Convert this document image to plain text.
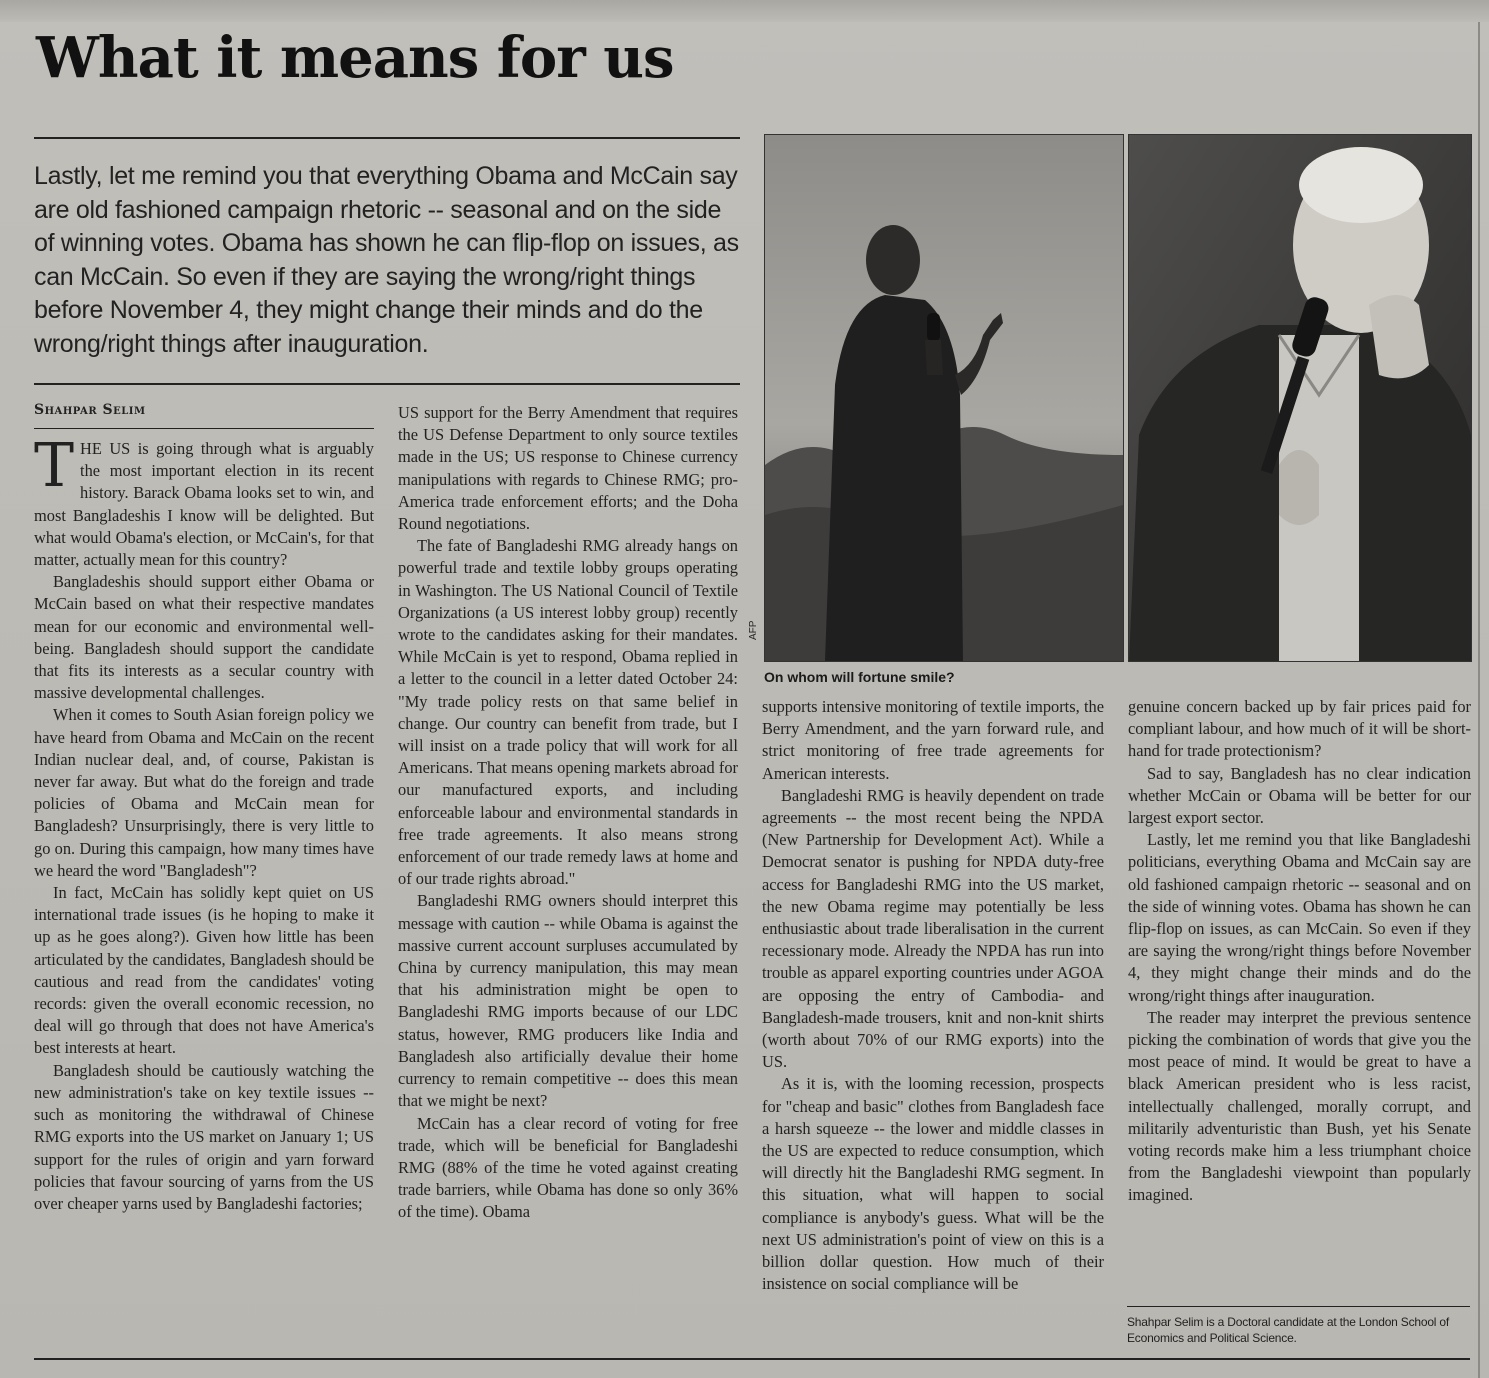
What it means for us

Lastly, let me remind you that everything Obama and McCain say are old fashioned campaign rhetoric -- seasonal and on the side of winning votes. Obama has shown he can flip-flop on issues, as can McCain. So even if they are saying the wrong/right things before November 4, they might change their minds and do the wrong/right things after inauguration.

Shahpar Selim

THE US is going through what is arguably the most important election in its recent history. Barack Obama looks set to win, and most Bangladeshis I know will be delighted. But what would Obama's election, or McCain's, for that matter, actually mean for this country?

Bangladeshis should support either Obama or McCain based on what their respective mandates mean for our economic and environmental well-being. Bangladesh should support the candidate that fits its interests as a secular country with massive developmental challenges.

When it comes to South Asian foreign policy we have heard from Obama and McCain on the recent Indian nuclear deal, and, of course, Pakistan is never far away. But what do the foreign and trade policies of Obama and McCain mean for Bangladesh? Unsurprisingly, there is very little to go on. During this campaign, how many times have we heard the word "Bangladesh"?

In fact, McCain has solidly kept quiet on US international trade issues (is he hoping to make it up as he goes along?). Given how little has been articulated by the candidates, Bangladesh should be cautious and read from the candidates' voting records: given the overall economic recession, no deal will go through that does not have America's best interests at heart.

Bangladesh should be cautiously watching the new administration's take on key textile issues -- such as monitoring the withdrawal of Chinese RMG exports into the US market on January 1; US support for the rules of origin and yarn forward policies that favour sourcing of yarns from the US over cheaper yarns used by Bangladeshi factories;

US support for the Berry Amendment that requires the US Defense Department to only source textiles made in the US; US response to Chinese currency manipulations with regards to Chinese RMG; pro-America trade enforcement efforts; and the Doha Round negotiations.

The fate of Bangladeshi RMG already hangs on powerful trade and textile lobby groups operating in Washington. The US National Council of Textile Organizations (a US interest lobby group) recently wrote to the candidates asking for their mandates. While McCain is yet to respond, Obama replied in a letter to the council in a letter dated October 24: "My trade policy rests on that same belief in change. Our country can benefit from trade, but I will insist on a trade policy that will work for all Americans. That means opening markets abroad for our manufactured exports, and including enforceable labour and environmental standards in free trade agreements. It also means strong enforcement of our trade remedy laws at home and of our trade rights abroad."

Bangladeshi RMG owners should interpret this message with caution -- while Obama is against the massive current account surpluses accumulated by China by currency manipulation, this may mean that his administration might be open to Bangladeshi RMG imports because of our LDC status, however, RMG producers like India and Bangladesh also artificially devalue their home currency to remain competitive -- does this mean that we might be next?

McCain has a clear record of voting for free trade, which will be beneficial for Bangladeshi RMG (88% of the time he voted against creating trade barriers, while Obama has done so only 36% of the time). Obama

AFP
On whom will fortune smile?

supports intensive monitoring of textile imports, the Berry Amendment, and the yarn forward rule, and strict monitoring of free trade agreements for American interests.

Bangladeshi RMG is heavily dependent on trade agreements -- the most recent being the NPDA (New Partnership for Development Act). While a Democrat senator is pushing for NPDA duty-free access for Bangladeshi RMG into the US market, the new Obama regime may potentially be less enthusiastic about trade liberalisation in the current recessionary mode. Already the NPDA has run into trouble as apparel exporting countries under AGOA are opposing the entry of Cambodia- and Bangladesh-made trousers, knit and non-knit shirts (worth about 70% of our RMG exports) into the US.

As it is, with the looming recession, prospects for "cheap and basic" clothes from Bangladesh face a harsh squeeze -- the lower and middle classes in the US are expected to reduce consumption, which will directly hit the Bangladeshi RMG segment. In this situation, what will happen to social compliance is anybody's guess. What will be the next US administration's point of view on this is a billion dollar question. How much of their insistence on social compliance will be

genuine concern backed up by fair prices paid for compliant labour, and how much of it will be short-hand for trade protectionism?

Sad to say, Bangladesh has no clear indication whether McCain or Obama will be better for our largest export sector.

Lastly, let me remind you that like Bangladeshi politicians, everything Obama and McCain say are old fashioned campaign rhetoric -- seasonal and on the side of winning votes. Obama has shown he can flip-flop on issues, as can McCain. So even if they are saying the wrong/right things before November 4, they might change their minds and do the wrong/right things after inauguration.

The reader may interpret the previous sentence picking the combination of words that give you the most peace of mind. It would be great to have a black American president who is less racist, intellectually challenged, morally corrupt, and militarily adventuristic than Bush, yet his Senate voting records make him a less triumphant choice from the Bangladeshi viewpoint than popularly imagined.

Shahpar Selim is a Doctoral candidate at the London School of Economics and Political Science.
